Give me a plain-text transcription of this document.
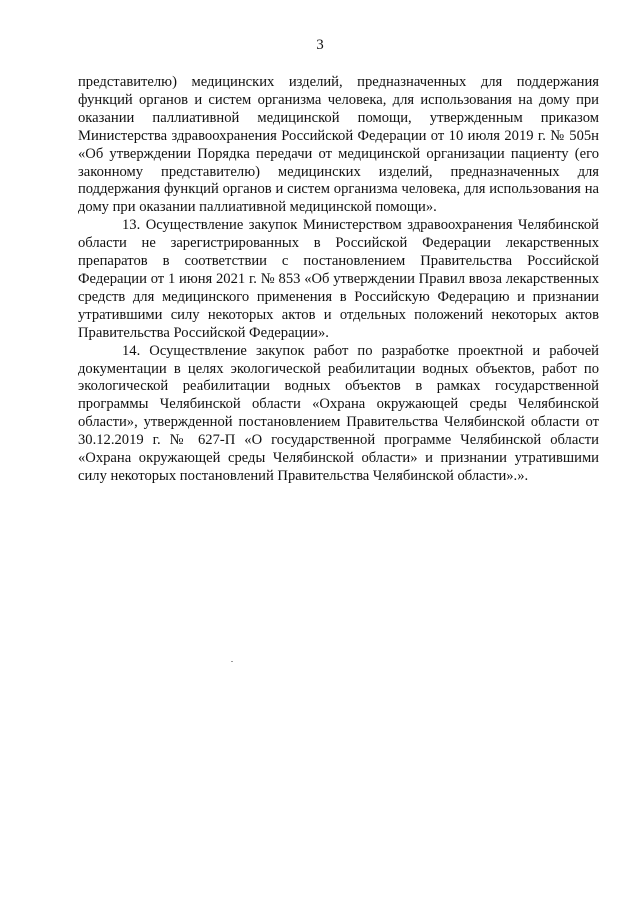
3

представителю) медицинских изделий, предназначенных для поддержания функций органов и систем организма человека, для использования на дому при оказании паллиативной медицинской помощи, утвержденным приказом Министерства здравоохранения Российской Федерации от 10 июля 2019 г. № 505н «Об утверждении Порядка передачи от медицинской организации пациенту (его законному представителю) медицинских изделий, предназначенных для поддержания функций органов и систем организма человека, для использования на дому при оказании паллиативной медицинской помощи».

13. Осуществление закупок Министерством здравоохранения Челябинской области не зарегистрированных в Российской Федерации лекарственных препаратов в соответствии с постановлением Правительства Российской Федерации от 1 июня 2021 г. № 853 «Об утверждении Правил ввоза лекарственных средств для медицинского применения в Российскую Федерацию и признании утратившими силу некоторых актов и отдельных положений некоторых актов Правительства Российской Федерации».

14. Осуществление закупок работ по разработке проектной и рабочей документации в целях экологической реабилитации водных объектов, работ по экологической реабилитации водных объектов в рамках государственной программы Челябинской области «Охрана окружающей среды Челябинской области», утвержденной постановлением Правительства Челябинской области от 30.12.2019 г. № 627-П «О государственной программе Челябинской области «Охрана окружающей среды Челябинской области» и признании утратившими силу некоторых постановлений Правительства Челябинской области».».
